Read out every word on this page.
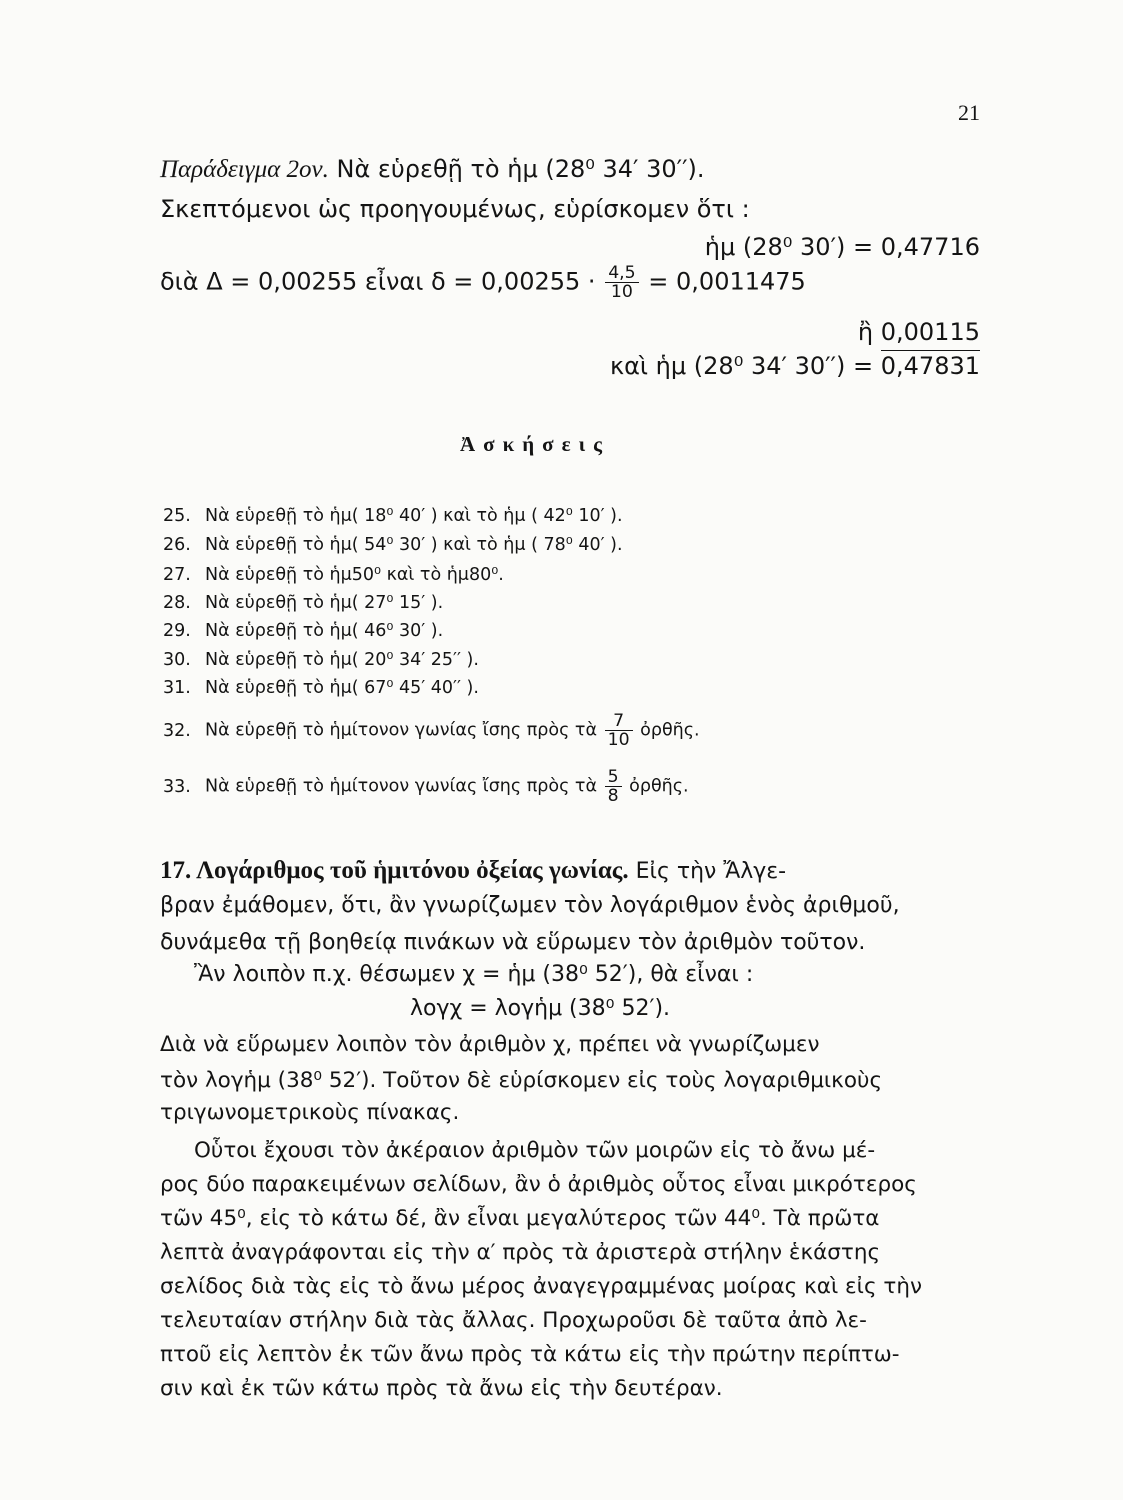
21
Παράδειγμα 2ον. Νὰ εὑρεθῇ τὸ ἡμ (28⁰ 34′ 30′′).
Σκεπτόμενοι ὡς προηγουμένως, εὑρίσκομεν ὅτι :
ἡμ (28⁰ 30′) = 0,47716
διὰ Δ = 0,00255 εἶναι $\delta = 0,00255 \cdot \frac{4,5}{10} = 0,0011475$
ἢ 0,00115
καὶ ἡμ (28⁰ 34′ 30′′) = 0,47831
Ἀσκήσεις
25. Νὰ εὑρεθῇ τὸ ἡμ( 18⁰ 40′ ) καὶ τὸ ἡμ ( 42⁰ 10′ ).
26. Νὰ εὑρεθῇ τὸ ἡμ( 54⁰ 30′ ) καὶ τὸ ἡμ ( 78⁰ 40′ ).
27. Νὰ εὑρεθῇ τὸ ἡμ50⁰ καὶ τὸ ἡμ80⁰.
28. Νὰ εὑρεθῇ τὸ ἡμ( 27⁰ 15′ ).
29. Νὰ εὑρεθῇ τὸ ἡμ( 46⁰ 30′ ).
30. Νὰ εὑρεθῇ τὸ ἡμ( 20⁰ 34′ 25′′ ).
31. Νὰ εὑρεθῇ τὸ ἡμ( 67⁰ 45′ 40′′ ).
32. Νὰ εὑρεθῇ τὸ ἡμίτονον γωνίας ἴσης πρὸς τὰ $\frac{7}{10}$ ὀρθῆς.
33. Νὰ εὑρεθῇ τὸ ἡμίτονον γωνίας ἴσης πρὸς τὰ $\frac{5}{8}$ ὀρθῆς.
17. Λογάριθμος τοῦ ἡμιτόνου ὀξείας γωνίας. Εἰς τὴν Ἄλγε-
βραν ἐμάθομεν, ὅτι, ἂν γνωρίζωμεν τὸν λογάριθμον ἑνὸς ἀριθμοῦ,
δυνάμεθα τῇ βοηθείᾳ πινάκων νὰ εὕρωμεν τὸν ἀριθμὸν τοῦτον.
Ἂν λοιπὸν π.χ. θέσωμεν χ = ἡμ (38⁰ 52′), θὰ εἶναι :
λογχ = λογἡμ (38⁰ 52′).
Διὰ νὰ εὕρωμεν λοιπὸν τὸν ἀριθμὸν χ, πρέπει νὰ γνωρίζωμεν
τὸν λογἡμ (38⁰ 52′). Τοῦτον δὲ εὑρίσκομεν εἰς τοὺς λογαριθμικοὺς
τριγωνομετρικοὺς πίνακας.
Οὗτοι ἔχουσι τὸν ἀκέραιον ἀριθμὸν τῶν μοιρῶν εἰς τὸ ἄνω μέ-
ρος δύο παρακειμένων σελίδων, ἂν ὁ ἀριθμὸς οὗτος εἶναι μικρότερος
τῶν 45⁰, εἰς τὸ κάτω δέ, ἂν εἶναι μεγαλύτερος τῶν 44⁰. Τὰ πρῶτα
λεπτὰ ἀναγράφονται εἰς τὴν α′ πρὸς τὰ ἀριστερὰ στήλην ἑκάστης
σελίδος διὰ τὰς εἰς τὸ ἄνω μέρος ἀναγεγραμμένας μοίρας καὶ εἰς τὴν
τελευταίαν στήλην διὰ τὰς ἄλλας. Προχωροῦσι δὲ ταῦτα ἀπὸ λε-
πτοῦ εἰς λεπτὸν ἐκ τῶν ἄνω πρὸς τὰ κάτω εἰς τὴν πρώτην περίπτω-
σιν καὶ ἐκ τῶν κάτω πρὸς τὰ ἄνω εἰς τὴν δευτέραν.
